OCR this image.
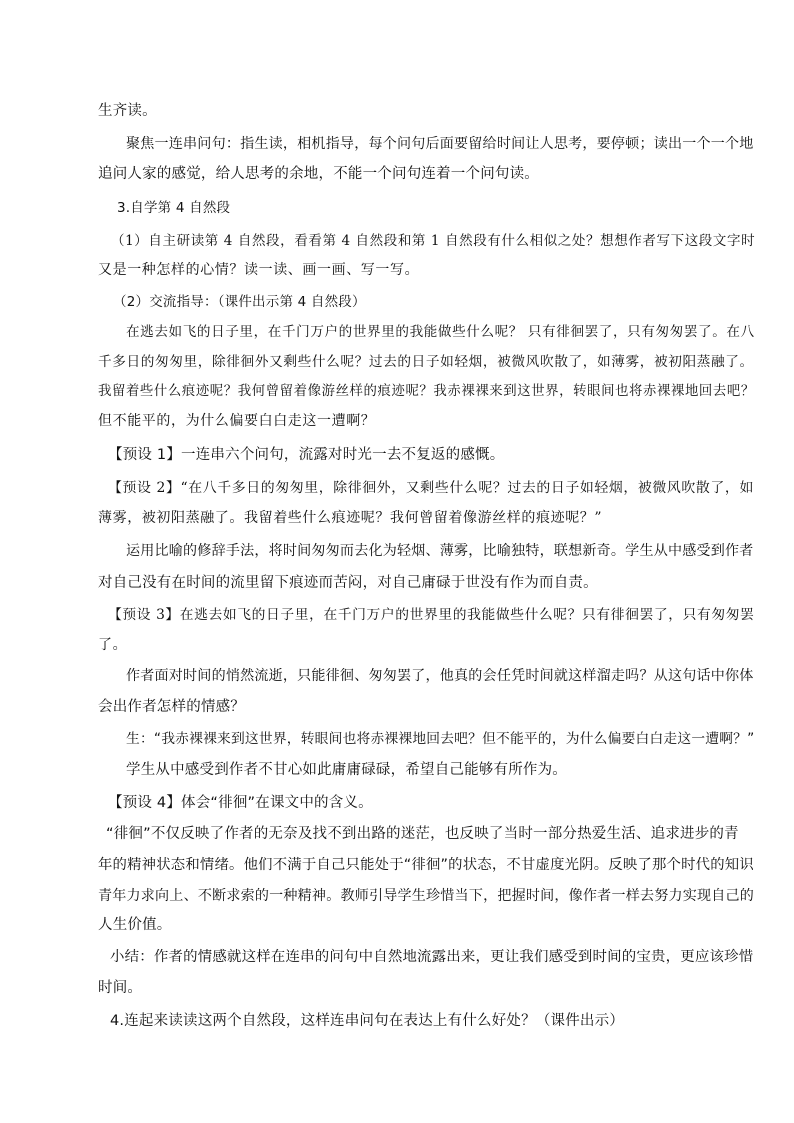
生齐读。
聚焦一连串问句：指生读，相机指导，每个问句后面要留给时间让人思考，要停顿；读出一个一个地
追问人家的感觉，给人思考的余地，不能一个问句连着一个问句读。
3.自学第 4 自然段
（1）自主研读第 4 自然段，看看第 4 自然段和第 1 自然段有什么相似之处？想想作者写下这段文字时
又是一种怎样的心情？读一读、画一画、写一写。
（2）交流指导：（课件出示第 4 自然段）
在逃去如飞的日子里，在千门万户的世界里的我能做些什么呢？ 只有徘徊罢了，只有匆匆罢了。在八
千多日的匆匆里，除徘徊外又剩些什么呢？过去的日子如轻烟，被微风吹散了，如薄雾，被初阳蒸融了。
我留着些什么痕迹呢？我何曾留着像游丝样的痕迹呢？我赤裸裸来到这世界，转眼间也将赤裸裸地回去吧？
但不能平的，为什么偏要白白走这一遭啊？
【预设 1】一连串六个问句，流露对时光一去不复返的感慨。
【预设 2】“在八千多日的匆匆里，除徘徊外，又剩些什么呢？过去的日子如轻烟，被微风吹散了，如
薄雾，被初阳蒸融了。我留着些什么痕迹呢？我何曾留着像游丝样的痕迹呢？”
运用比喻的修辞手法，将时间匆匆而去化为轻烟、薄雾，比喻独特，联想新奇。学生从中感受到作者
对自己没有在时间的流里留下痕迹而苦闷，对自己庸碌于世没有作为而自责。
【预设 3】在逃去如飞的日子里，在千门万户的世界里的我能做些什么呢？只有徘徊罢了，只有匆匆罢
了。
作者面对时间的悄然流逝，只能徘徊、匆匆罢了，他真的会任凭时间就这样溜走吗？从这句话中你体
会出作者怎样的情感？
生：“我赤裸裸来到这世界，转眼间也将赤裸裸地回去吧？但不能平的，为什么偏要白白走这一遭啊？”
学生从中感受到作者不甘心如此庸庸碌碌，希望自己能够有所作为。
【预设 4】体会“徘徊”在课文中的含义。
“徘徊”不仅反映了作者的无奈及找不到出路的迷茫，也反映了当时一部分热爱生活、追求进步的青
年的精神状态和情绪。他们不满于自己只能处于“徘徊”的状态，不甘虚度光阴。反映了那个时代的知识
青年力求向上、不断求索的一种精神。教师引导学生珍惜当下，把握时间，像作者一样去努力实现自己的
人生价值。
小结：作者的情感就这样在连串的问句中自然地流露出来，更让我们感受到时间的宝贵，更应该珍惜
时间。
4.连起来读读这两个自然段，这样连串问句在表达上有什么好处？（课件出示）
